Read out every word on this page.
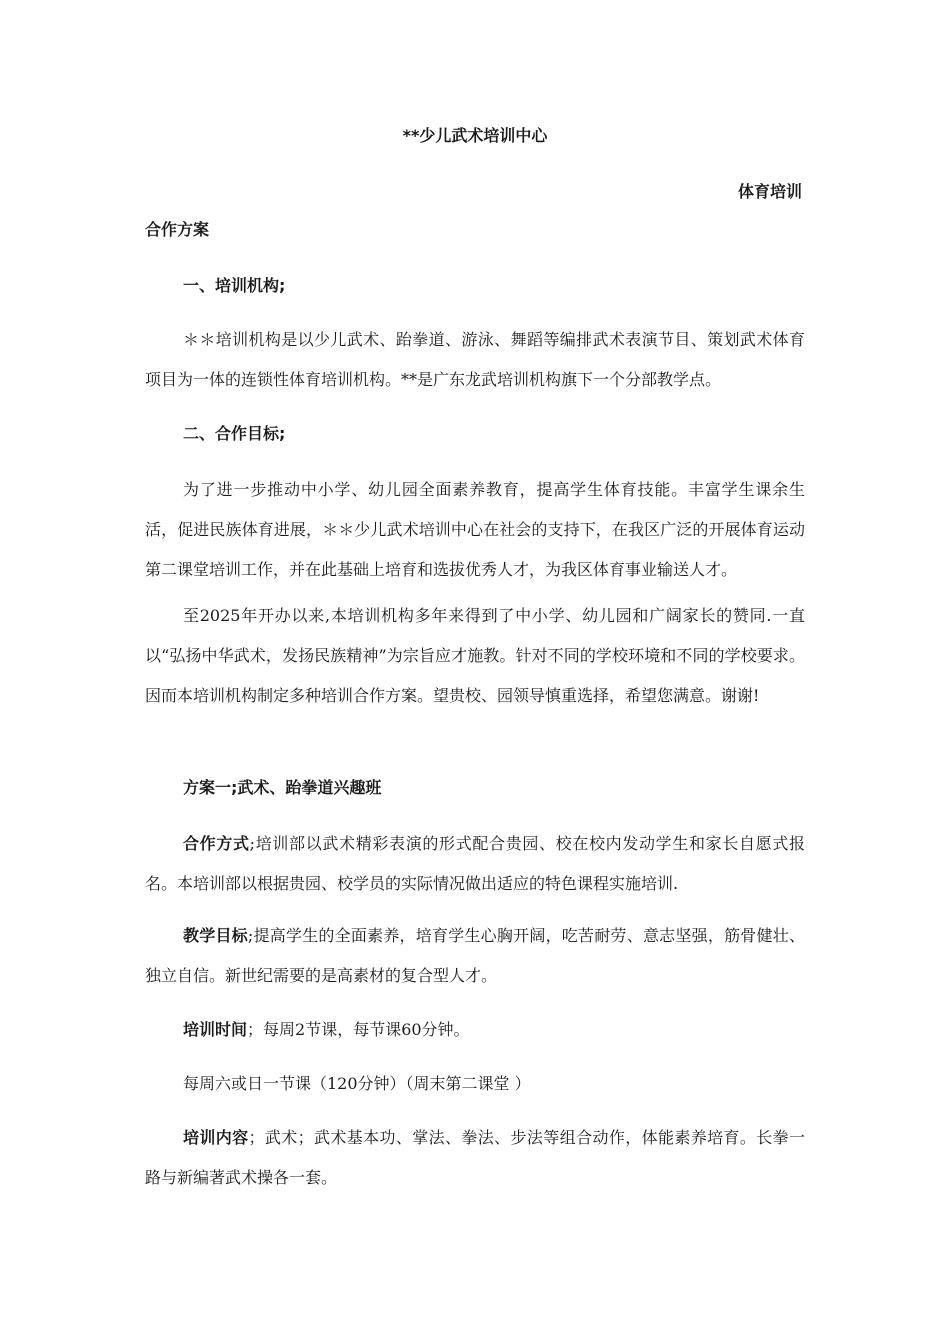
**少儿武术培训中心
体育培训
合作方案
一、培训机构;
＊＊培训机构是以少儿武术、跆拳道、游泳、舞蹈等编排武术表演节目、策划武术体育项目为一体的连锁性体育培训机构。**是广东龙武培训机构旗下一个分部教学点。
二、合作目标;
为了进一步推动中小学、幼儿园全面素养教育，提高学生体育技能。丰富学生课余生活，促进民族体育进展，＊＊少儿武术培训中心在社会的支持下，在我区广泛的开展体育运动第二课堂培训工作，并在此基础上培育和选拔优秀人才，为我区体育事业输送人才。
至2025年开办以来,本培训机构多年来得到了中小学、幼儿园和广阔家长的赞同.一直以“弘扬中华武术，发扬民族精神”为宗旨应才施教。针对不同的学校环境和不同的学校要求。因而本培训机构制定多种培训合作方案。望贵校、园领导慎重选择，希望您满意。谢谢!
方案一;武术、跆拳道兴趣班
合作方式;培训部以武术精彩表演的形式配合贵园、校在校内发动学生和家长自愿式报名。本培训部以根据贵园、校学员的实际情况做出适应的特色课程实施培训.
教学目标;提高学生的全面素养，培育学生心胸开阔，吃苦耐劳、意志坚强，筋骨健壮、独立自信。新世纪需要的是高素材的复合型人才。
培训时间；每周2节课，每节课60分钟。
每周六或日一节课（120分钟）（周末第二课堂 ）
培训内容；武术；武术基本功、掌法、拳法、步法等组合动作，体能素养培育。长拳一路与新编著武术操各一套。
